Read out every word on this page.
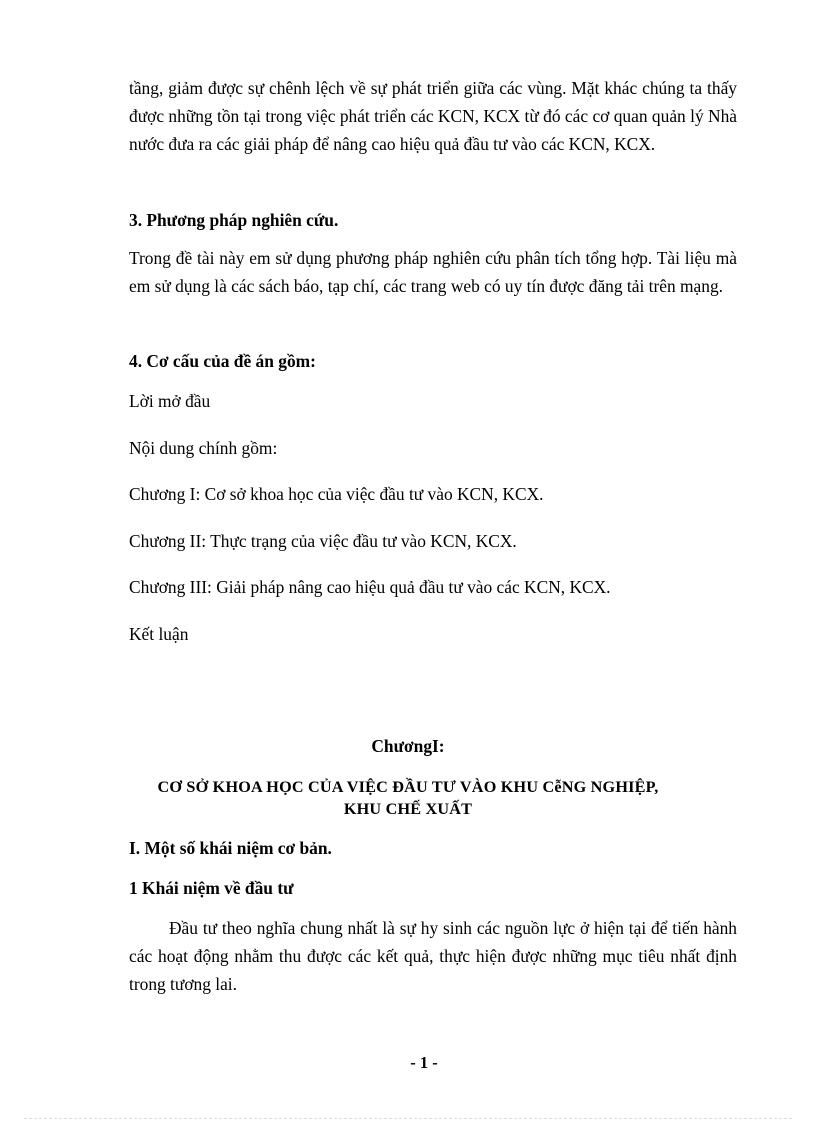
tầng, giảm được sự chênh lệch về sự phát triển giữa các vùng. Mặt khác chúng ta thấy được những tồn tại trong việc phát triển các KCN, KCX từ đó các cơ quan quản lý Nhà nước đưa ra các giải pháp để nâng cao hiệu quả đầu tư vào các KCN, KCX.
3. Phương pháp nghiên cứu.
Trong đề tài này em sử dụng phương pháp nghiên cứu phân tích tổng hợp. Tài liệu mà em sử dụng là các sách báo, tạp chí, các trang web có uy tín được đăng tải trên mạng.
4. Cơ cấu của đề án gồm:
Lời mở đầu
Nội dung chính gồm:
Chương I: Cơ sở khoa học của việc đầu tư vào KCN, KCX.
Chương II: Thực trạng của việc đầu tư vào KCN, KCX.
Chương III: Giải pháp nâng cao hiệu quả đầu tư vào các KCN, KCX.
Kết luận
ChươngI:
CƠ SỞ KHOA HỌC CỦA VIỆC ĐẦU TƯ VÀO KHU CễNG NGHIỆP,
KHU CHẾ XUẤT
I. Một số khái niệm cơ bản.
1 Khái niệm về đầu tư
Đầu tư theo nghĩa chung nhất là sự hy sinh các nguồn lực ở hiện tại để tiến hành các hoạt động nhằm thu được các kết quả, thực hiện được những mục tiêu nhất định trong tương lai.
- 1 -
